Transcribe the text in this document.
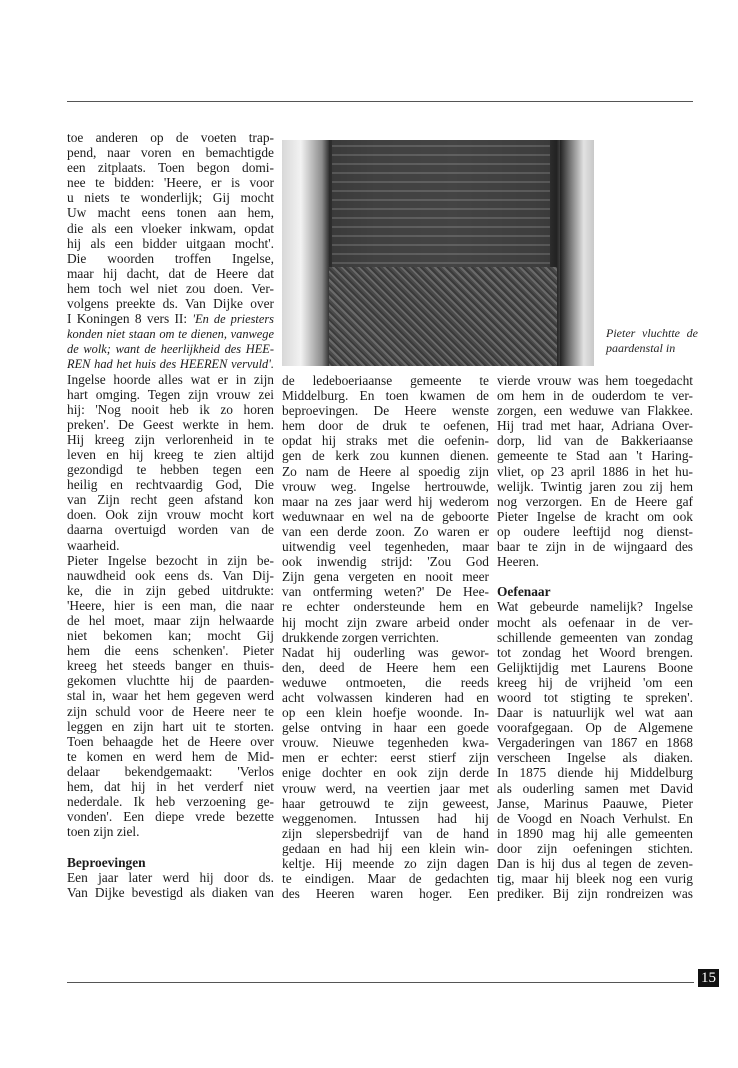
toe anderen op de voeten trap-
pend, naar voren en bemachtigde
een zitplaats. Toen begon domi-
nee te bidden: 'Heere, er is voor
u niets te wonderlijk; Gij mocht
Uw macht eens tonen aan hem,
die als een vloeker inkwam, opdat
hij als een bidder uitgaan mocht'.
Die woorden troffen Ingelse,
maar hij dacht, dat de Heere dat
hem toch wel niet zou doen. Ver-
volgens preekte ds. Van Dijke over
I Koningen 8 vers II: 'En de priesters
konden niet staan om te dienen, vanwege
de wolk; want de heerlijkheid des HEE-
REN had het huis des HEEREN vervuld'.
Ingelse hoorde alles wat er in zijn
hart omging. Tegen zijn vrouw zei
hij: 'Nog nooit heb ik zo horen
preken'. De Geest werkte in hem.
Hij kreeg zijn verlorenheid in te
leven en hij kreeg te zien altijd
gezondigd te hebben tegen een
heilig en rechtvaardig God, Die
van Zijn recht geen afstand kon
doen. Ook zijn vrouw mocht kort
daarna overtuigd worden van de
waarheid.
Pieter Ingelse bezocht in zijn be-
nauwdheid ook eens ds. Van Dij-
ke, die in zijn gebed uitdrukte:
'Heere, hier is een man, die naar
de hel moet, maar zijn helwaarde
niet bekomen kan; mocht Gij
hem die eens schenken'. Pieter
kreeg het steeds banger en thuis-
gekomen vluchtte hij de paarden-
stal in, waar het hem gegeven werd
zijn schuld voor de Heere neer te
leggen en zijn hart uit te storten.
Toen behaagde het de Heere over
te komen en werd hem de Mid-
delaar bekendgemaakt: 'Verlos
hem, dat hij in het verderf niet
nederdale. Ik heb verzoening ge-
vonden'. Een diepe vrede bezette
toen zijn ziel.

Beproevingen
Een jaar later werd hij door ds.
Van Dijke bevestigd als diaken van
Pieter vluchtte de
paardenstal in
de ledeboeriaanse gemeente te
Middelburg. En toen kwamen de
beproevingen. De Heere wenste
hem door de druk te oefenen,
opdat hij straks met die oefenin-
gen de kerk zou kunnen dienen.
Zo nam de Heere al spoedig zijn
vrouw weg. Ingelse hertrouwde,
maar na zes jaar werd hij wederom
weduwnaar en wel na de geboorte
van een derde zoon. Zo waren er
uitwendig veel tegenheden, maar
ook inwendig strijd: 'Zou God
Zijn gena vergeten en nooit meer
van ontferming weten?' De Hee-
re echter ondersteunde hem en
hij mocht zijn zware arbeid onder
drukkende zorgen verrichten.
Nadat hij ouderling was gewor-
den, deed de Heere hem een
weduwe ontmoeten, die reeds
acht volwassen kinderen had en
op een klein hoefje woonde. In-
gelse ontving in haar een goede
vrouw. Nieuwe tegenheden kwa-
men er echter: eerst stierf zijn
enige dochter en ook zijn derde
vrouw werd, na veertien jaar met
haar getrouwd te zijn geweest,
weggenomen. Intussen had hij
zijn slepersbedrijf van de hand
gedaan en had hij een klein win-
keltje. Hij meende zo zijn dagen
te eindigen. Maar de gedachten
des Heeren waren hoger. Een
vierde vrouw was hem toegedacht
om hem in de ouderdom te ver-
zorgen, een weduwe van Flakkee.
Hij trad met haar, Adriana Over-
dorp, lid van de Bakkeriaanse
gemeente te Stad aan 't Haring-
vliet, op 23 april 1886 in het hu-
welijk. Twintig jaren zou zij hem
nog verzorgen. En de Heere gaf
Pieter Ingelse de kracht om ook
op oudere leeftijd nog dienst-
baar te zijn in de wijngaard des
Heeren.

Oefenaar
Wat gebeurde namelijk? Ingelse
mocht als oefenaar in de ver-
schillende gemeenten van zondag
tot zondag het Woord brengen.
Gelijktijdig met Laurens Boone
kreeg hij de vrijheid 'om een
woord tot stigting te spreken'.
Daar is natuurlijk wel wat aan
voorafgegaan. Op de Algemene
Vergaderingen van 1867 en 1868
verscheen Ingelse als diaken.
In 1875 diende hij Middelburg
als ouderling samen met David
Janse, Marinus Paauwe, Pieter
de Voogd en Noach Verhulst. En
in 1890 mag hij alle gemeenten
door zijn oefeningen stichten.
Dan is hij dus al tegen de zeven-
tig, maar hij bleek nog een vurig
prediker. Bij zijn rondreizen was
15
